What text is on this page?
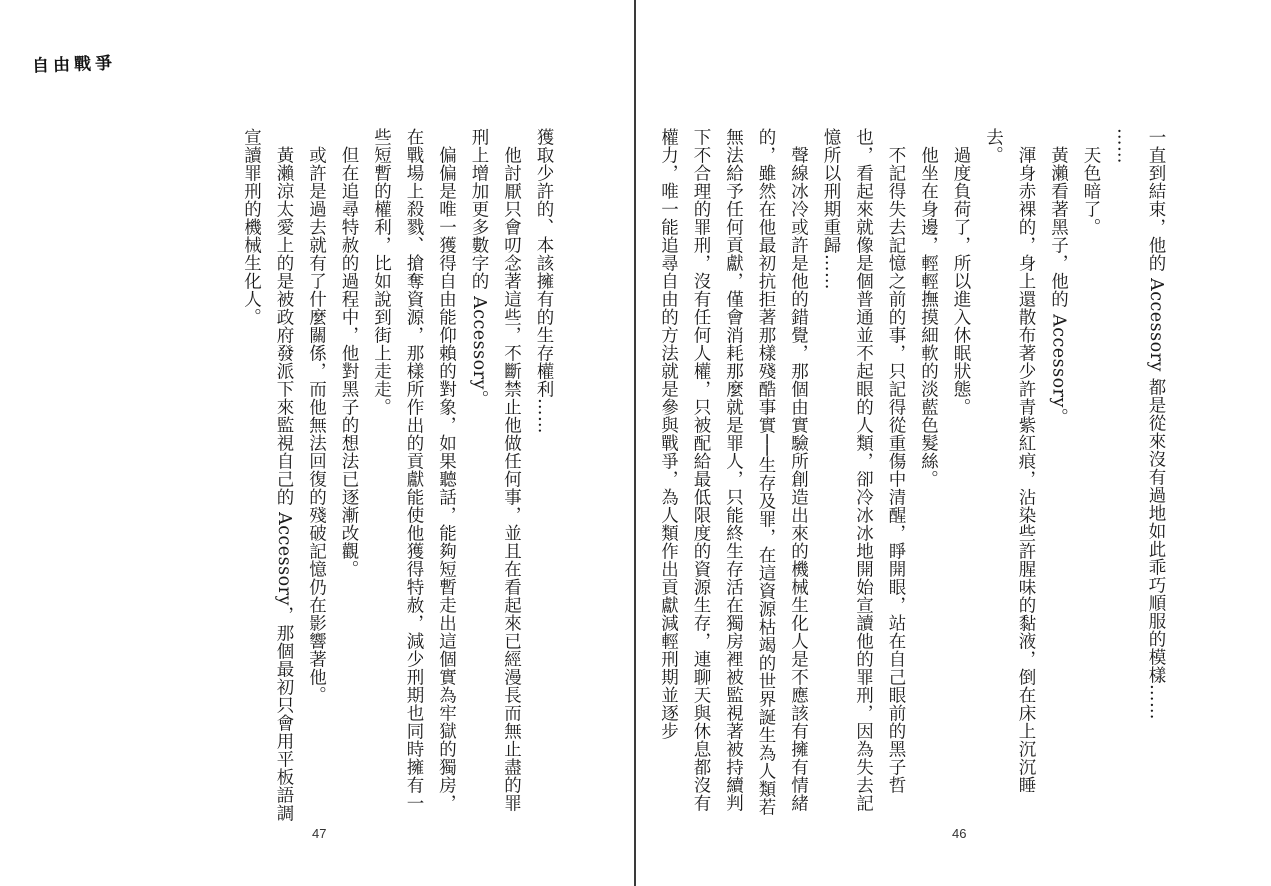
自由戰爭

一直到結束，他的 Accessory 都是從來沒有過地如此乖巧順服的模樣……

……

天色暗了。

黃瀨看著黑子，他的 Accessory。

渾身赤裸的，身上還散布著少許青紫紅痕，沾染些許腥味的黏液，倒在床上沉沉睡去。

過度負荷了，所以進入休眠狀態。

他坐在身邊，輕輕撫摸細軟的淡藍色髮絲。

不記得失去記憶之前的事，只記得從重傷中清醒，睜開眼，站在自己眼前的黑子哲也，看起來就像是個普通並不起眼的人類，卻冷冰冰地開始宣讀他的罪刑，因為失去記憶所以刑期重歸……

聲線冰冷或許是他的錯覺，那個由實驗所創造出來的機械生化人是不應該有擁有情緒的，雖然在他最初抗拒著那樣殘酷事實──生存及罪，在這資源枯竭的世界誕生為人類若無法給予任何貢獻，僅會消耗那麼就是罪人，只能終生存活在獨房裡被監視著被持續判下不合理的罪刑，沒有任何人權，只被配給最低限度的資源生存，連聊天與休息都沒有權力，唯一能追尋自由的方法就是參與戰爭，為人類作出貢獻減輕刑期並逐步

46

獲取少許的、本該擁有的生存權利……

他討厭只會叨念著這些，不斷禁止他做任何事，並且在看起來已經漫長而無止盡的罪刑上增加更多數字的 Accessory。

偏偏是唯一獲得自由能仰賴的對象，如果聽話，能夠短暫走出這個實為牢獄的獨房，在戰場上殺戮、搶奪資源，那樣所作出的貢獻能使他獲得特赦，減少刑期也同時擁有一些短暫的權利，比如說到街上走走。

但在追尋特赦的過程中，他對黑子的想法已逐漸改觀。

或許是過去就有了什麼關係，而他無法回復的殘破記憶仍在影響著他。

黃瀨涼太愛上的是被政府發派下來監視自己的 Accessory，那個最初只會用平板語調宣讀罪刑的機械生化人。

47
